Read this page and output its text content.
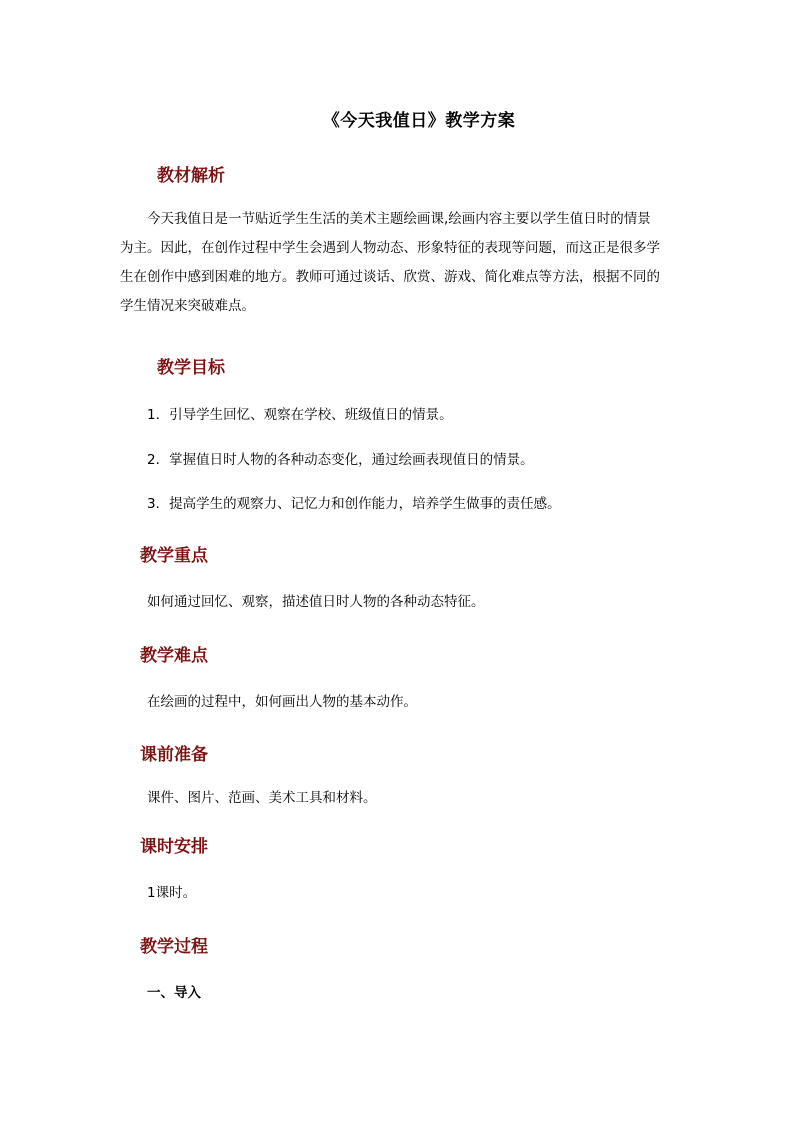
《今天我值日》教学方案
教材解析
今天我值日是一节贴近学生生活的美术主题绘画课,绘画内容主要以学生值日时的情景
为主。因此，在创作过程中学生会遇到人物动态、形象特征的表现等问题，而这正是很多学
生在创作中感到困难的地方。教师可通过谈话、欣赏、游戏、简化难点等方法，根据不同的
学生情况来突破难点。
教学目标
1．引导学生回忆、观察在学校、班级值日的情景。
2．掌握值日时人物的各种动态变化，通过绘画表现值日的情景。
3．提高学生的观察力、记忆力和创作能力，培养学生做事的责任感。
教学重点
如何通过回忆、观察，描述值日时人物的各种动态特征。
教学难点
在绘画的过程中，如何画出人物的基本动作。
课前准备
课件、图片、范画、美术工具和材料。
课时安排
1课时。
教学过程
一、导入
